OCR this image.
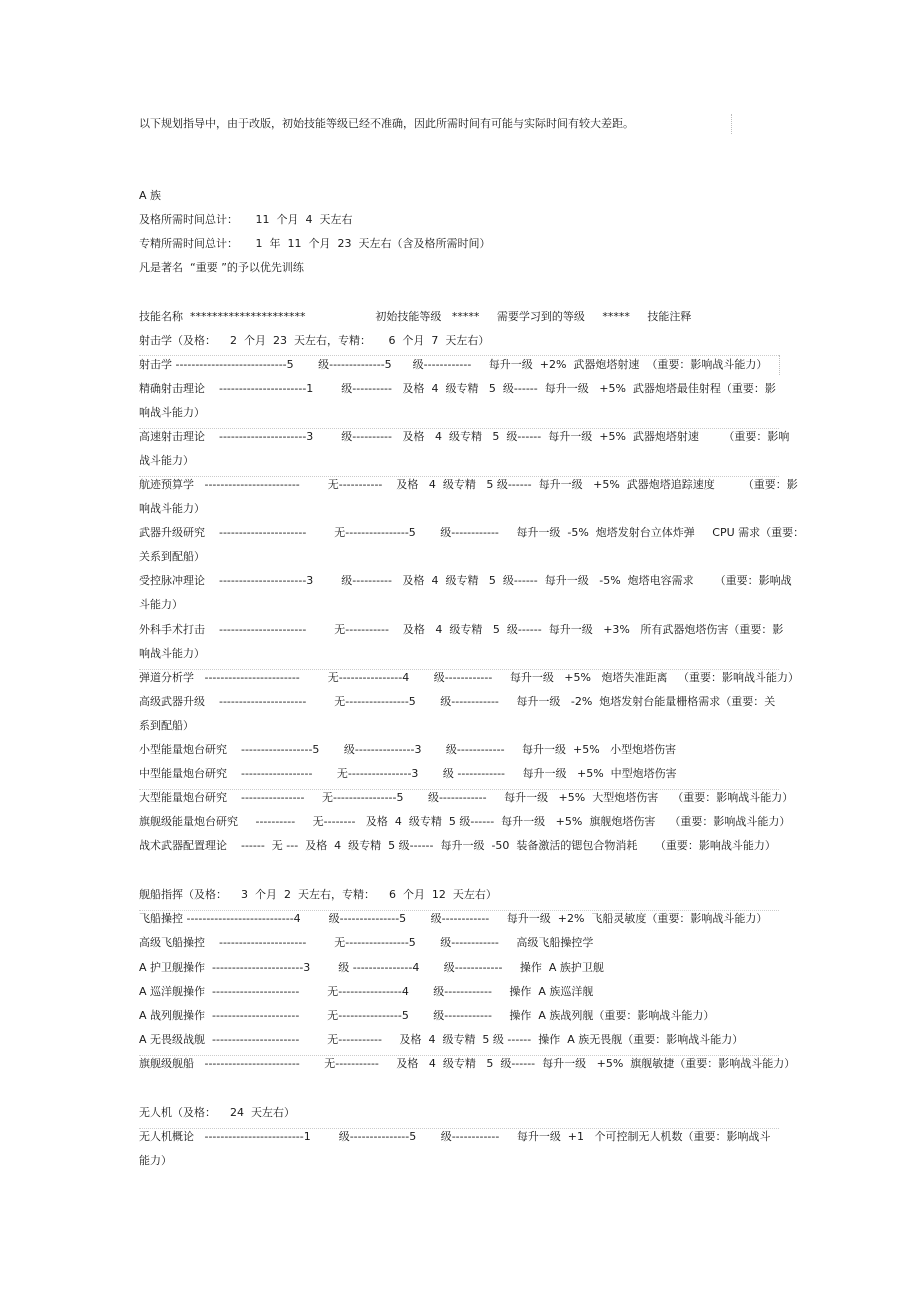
以下规划指导中，由于改版，初始技能等级已经不准确，因此所需时间有可能与实际时间有较大差距。
A 族
及格所需时间总计：     11  个月  4  天左右
专精所需时间总计：     1  年  11  个月  23  天左右（含及格所需时间）
凡是著名  “重要 ”的予以优先训练
技能名称  *********************                    初始技能等级   *****     需要学习到的等级     *****     技能注释
射击学（及格：    2  个月  23  天左右，专精：     6  个月  7  天左右）
射击学 ----------------------------5       级--------------5      级------------     每升一级  +2%  武器炮塔射速  （重要：影响战斗能力）
精确射击理论    ----------------------1        级----------   及格  4  级专精   5  级------  每升一级   +5%  武器炮塔最佳射程（重要：影
响战斗能力）
高速射击理论    ----------------------3        级----------   及格   4  级专精   5  级------  每升一级  +5%  武器炮塔射速       （重要：影响
战斗能力）
航迹预算学   ------------------------        无-----------    及格   4  级专精   5 级------  每升一级   +5%  武器炮塔追踪速度        （重要：影
响战斗能力）
武器升级研究    ----------------------        无----------------5       级------------     每升一级  -5%  炮塔发射台立体炸弹     CPU 需求（重要：
关系到配船）
受控脉冲理论    ----------------------3        级----------   及格  4  级专精   5  级------  每升一级   -5%  炮塔电容需求      （重要：影响战
斗能力）
外科手术打击    ----------------------        无-----------    及格   4  级专精   5  级------  每升一级   +3%   所有武器炮塔伤害（重要：影
响战斗能力）
弹道分析学   ------------------------        无----------------4       级------------     每升一级   +5%   炮塔失准距离   （重要：影响战斗能力）
高级武器升级    ----------------------        无----------------5       级------------     每升一级   -2%  炮塔发射台能量栅格需求（重要：关
系到配船）
小型能量炮台研究    ------------------5       级---------------3       级------------     每升一级  +5%   小型炮塔伤害
中型能量炮台研究    ------------------       无----------------3       级 ------------     每升一级   +5%  中型炮塔伤害
大型能量炮台研究    ----------------     无----------------5       级------------     每升一级   +5%  大型炮塔伤害    （重要：影响战斗能力）
旗舰级能量炮台研究     ----------     无--------   及格  4  级专精  5 级------  每升一级   +5%  旗舰炮塔伤害    （重要：影响战斗能力）
战术武器配置理论    ------  无 ---  及格  4  级专精  5 级------  每升一级  -50  装备激活的锶包合物消耗     （重要：影响战斗能力）
舰船指挥（及格：    3  个月  2  天左右，专精：    6  个月  12  天左右）
飞船操控 ---------------------------4        级---------------5       级------------     每升一级  +2%  飞船灵敏度（重要：影响战斗能力）
高级飞船操控    ----------------------        无----------------5       级------------     高级飞船操控学
A 护卫舰操作  -----------------------3        级 ---------------4       级------------     操作  A 族护卫舰
A 巡洋舰操作  ----------------------        无----------------4       级------------     操作  A 族巡洋舰
A 战列舰操作  ----------------------        无----------------5       级------------     操作  A 族战列舰（重要：影响战斗能力）
A 无畏级战舰  ----------------------        无-----------     及格  4  级专精  5 级 ------  操作  A 族无畏舰（重要：影响战斗能力）
旗舰级舰船   ------------------------       无-----------     及格   4  级专精   5  级------  每升一级   +5%  旗舰敏捷（重要：影响战斗能力）
无人机（及格：    24  天左右）
无人机概论   -------------------------1        级---------------5       级------------     每升一级  +1   个可控制无人机数（重要：影响战斗
能力）
